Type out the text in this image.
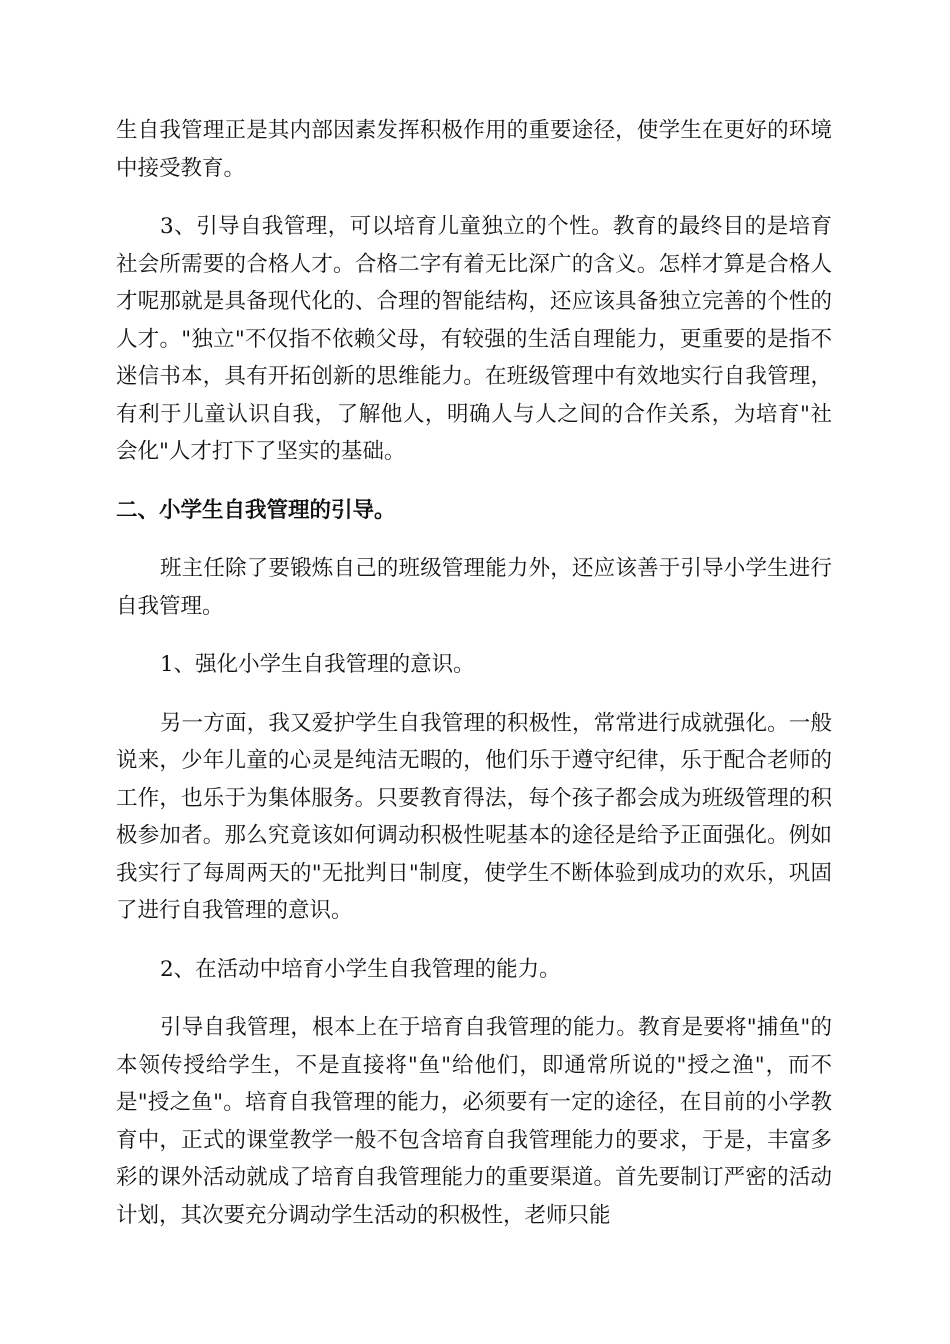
生自我管理正是其内部因素发挥积极作用的重要途径，使学生在更好的环境中接受教育。

3、引导自我管理，可以培育儿童独立的个性。教育的最终目的是培育社会所需要的合格人才。合格二字有着无比深广的含义。怎样才算是合格人才呢那就是具备现代化的、合理的智能结构，还应该具备独立完善的个性的人才。"独立"不仅指不依赖父母，有较强的生活自理能力，更重要的是指不迷信书本，具有开拓创新的思维能力。在班级管理中有效地实行自我管理，有利于儿童认识自我，了解他人，明确人与人之间的合作关系，为培育"社会化"人才打下了坚实的基础。

二、小学生自我管理的引导。

班主任除了要锻炼自己的班级管理能力外，还应该善于引导小学生进行自我管理。

1、强化小学生自我管理的意识。

另一方面，我又爱护学生自我管理的积极性，常常进行成就强化。一般说来，少年儿童的心灵是纯洁无暇的，他们乐于遵守纪律，乐于配合老师的工作，也乐于为集体服务。只要教育得法，每个孩子都会成为班级管理的积极参加者。那么究竟该如何调动积极性呢基本的途径是给予正面强化。例如我实行了每周两天的"无批判日"制度，使学生不断体验到成功的欢乐，巩固了进行自我管理的意识。

2、在活动中培育小学生自我管理的能力。

引导自我管理，根本上在于培育自我管理的能力。教育是要将"捕鱼"的本领传授给学生，不是直接将"鱼"给他们，即通常所说的"授之渔"，而不是"授之鱼"。培育自我管理的能力，必须要有一定的途径，在目前的小学教育中，正式的课堂教学一般不包含培育自我管理能力的要求，于是，丰富多彩的课外活动就成了培育自我管理能力的重要渠道。首先要制订严密的活动计划，其次要充分调动学生活动的积极性，老师只能
